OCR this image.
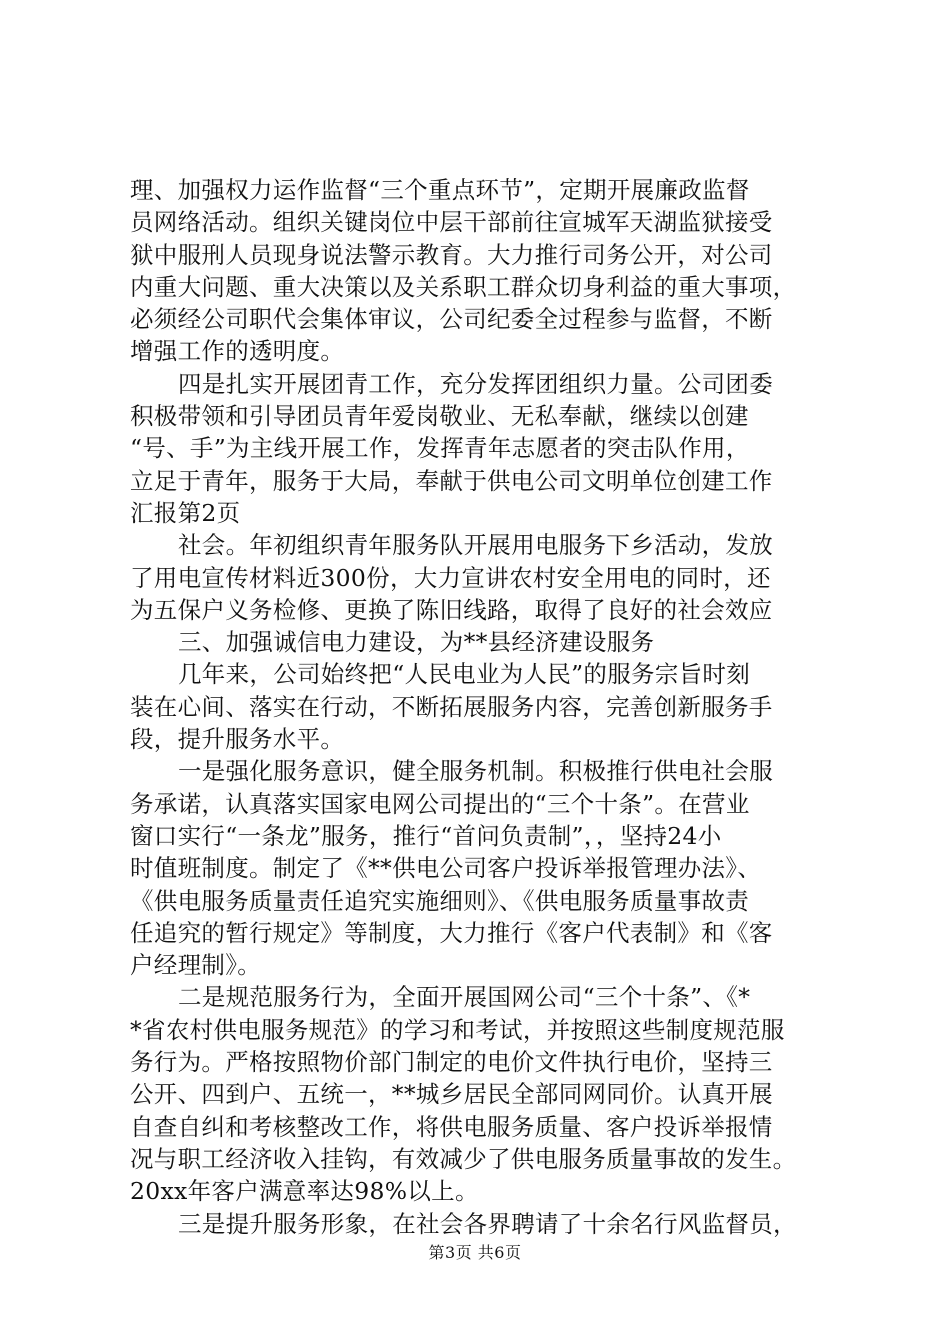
理、加强权力运作监督“三个重点环节”，定期开展廉政监督
员网络活动。组织关键岗位中层干部前往宣城军天湖监狱接受
狱中服刑人员现身说法警示教育。大力推行司务公开，对公司
内重大问题、重大决策以及关系职工群众切身利益的重大事项，
必须经公司职代会集体审议，公司纪委全过程参与监督，不断
增强工作的透明度。
四是扎实开展团青工作，充分发挥团组织力量。公司团委
积极带领和引导团员青年爱岗敬业、无私奉献，继续以创建
“号、手”为主线开展工作，发挥青年志愿者的突击队作用，
立足于青年，服务于大局，奉献于供电公司文明单位创建工作
汇报第2页
社会。年初组织青年服务队开展用电服务下乡活动，发放
了用电宣传材料近300份，大力宣讲农村安全用电的同时，还
为五保户义务检修、更换了陈旧线路，取得了良好的社会效应
三、加强诚信电力建设，为**县经济建设服务
几年来，公司始终把“人民电业为人民”的服务宗旨时刻
装在心间、落实在行动，不断拓展服务内容，完善创新服务手
段，提升服务水平。
一是强化服务意识，健全服务机制。积极推行供电社会服
务承诺，认真落实国家电网公司提出的“三个十条”。在营业
窗口实行“一条龙”服务，推行“首问负责制”，，坚持24小
时值班制度。制定了《**供电公司客户投诉举报管理办法》、
《供电服务质量责任追究实施细则》、《供电服务质量事故责
任追究的暂行规定》等制度，大力推行《客户代表制》和《客
户经理制》。
二是规范服务行为，全面开展国网公司“三个十条”、《*
*省农村供电服务规范》的学习和考试，并按照这些制度规范服
务行为。严格按照物价部门制定的电价文件执行电价，坚持三
公开、四到户、五统一，**城乡居民全部同网同价。认真开展
自查自纠和考核整改工作，将供电服务质量、客户投诉举报情
况与职工经济收入挂钩，有效减少了供电服务质量事故的发生。
20xx年客户满意率达98%以上。
三是提升服务形象，在社会各界聘请了十余名行风监督员，
第3页 共6页
